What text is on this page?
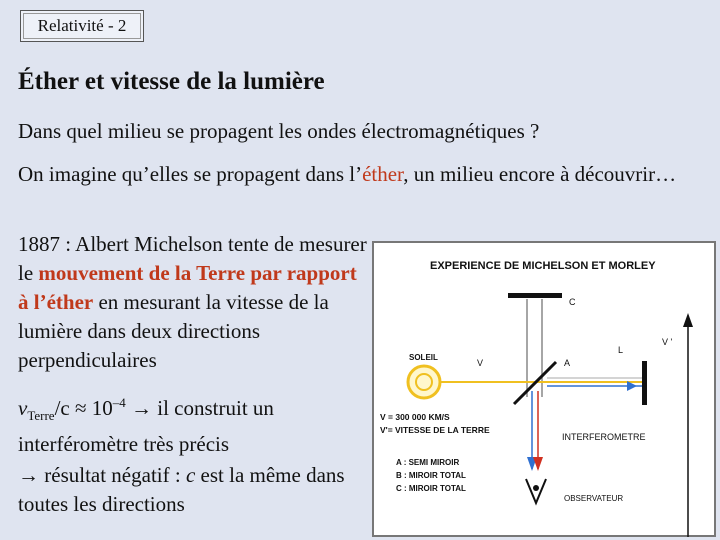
Relativité - 2
Éther et vitesse de la lumière

Dans quel milieu se propagent les ondes électromagnétiques ?

On imagine qu’elles se propagent dans l’éther, un milieu encore à découvrir…

1887 : Albert Michelson tente de mesurer le mouvement de la Terre par rapport à l’éther en mesurant la vitesse de la lumière dans deux directions perpendiculaires

$v_{Terre}/c \approx 10^{-4}$ → il construit un interféromètre très précis

→ résultat négatif : c est la même dans toutes les directions

EXPERIENCE DE MICHELSON ET MORLEY
C
V '
L
SOLEIL
V	A
V = 300 000 KM/S
V'= VITESSE DE LA TERRE
INTERFEROMETRE
A : SEMI MIROIR
B : MIROIR TOTAL
C : MIROIR TOTAL
OBSERVATEUR
